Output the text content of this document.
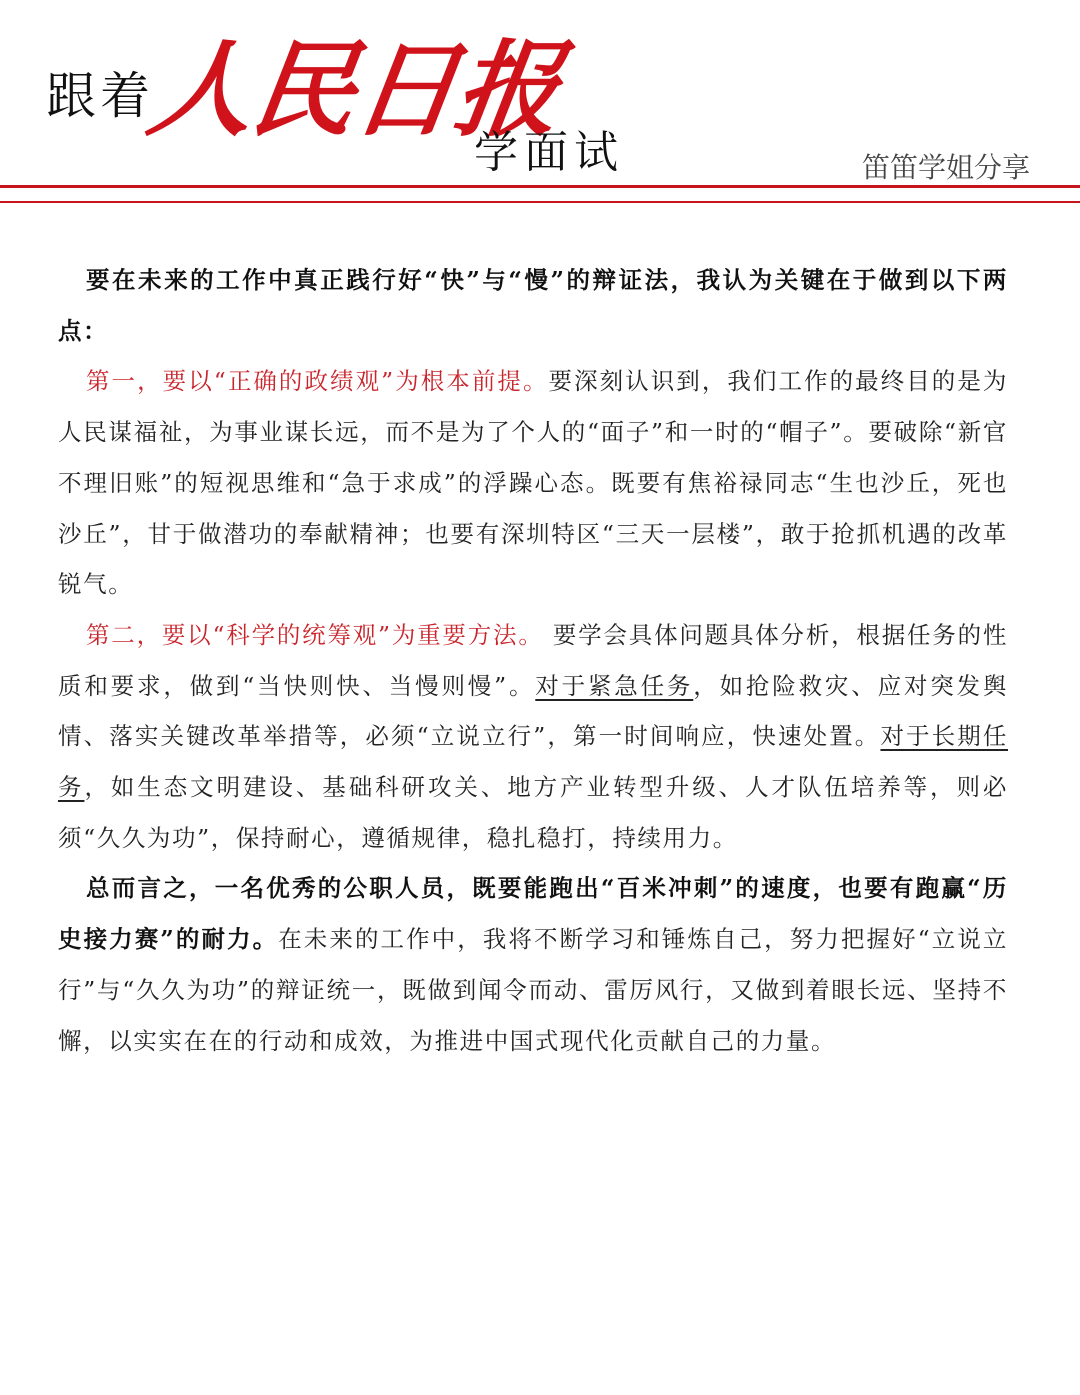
跟着
人民日报
学面试	笛笛学姐分享

要在未来的工作中真正践行好“快”与“慢”的辩证法，我认为关键在于做到以下两点：

第一，要以“正确的政绩观”为根本前提。要深刻认识到，我们工作的最终目的是为人民谋福祉，为事业谋长远，而不是为了个人的“面子”和一时的“帽子”。要破除“新官不理旧账”的短视思维和“急于求成”的浮躁心态。既要有焦裕禄同志“生也沙丘，死也沙丘”，甘于做潜功的奉献精神；也要有深圳特区“三天一层楼”，敢于抢抓机遇的改革锐气。

第二，要以“科学的统筹观”为重要方法。 要学会具体问题具体分析，根据任务的性质和要求，做到“当快则快、当慢则慢”。对于紧急任务，如抢险救灾、应对突发舆情、落实关键改革举措等，必须“立说立行”，第一时间响应，快速处置。对于长期任务，如生态文明建设、基础科研攻关、地方产业转型升级、人才队伍培养等，则必须“久久为功”，保持耐心，遵循规律，稳扎稳打，持续用力。

总而言之，一名优秀的公职人员，既要能跑出“百米冲刺”的速度，也要有跑赢“历史接力赛”的耐力。在未来的工作中，我将不断学习和锤炼自己，努力把握好“立说立行”与“久久为功”的辩证统一，既做到闻令而动、雷厉风行，又做到着眼长远、坚持不懈，以实实在在的行动和成效，为推进中国式现代化贡献自己的力量。
